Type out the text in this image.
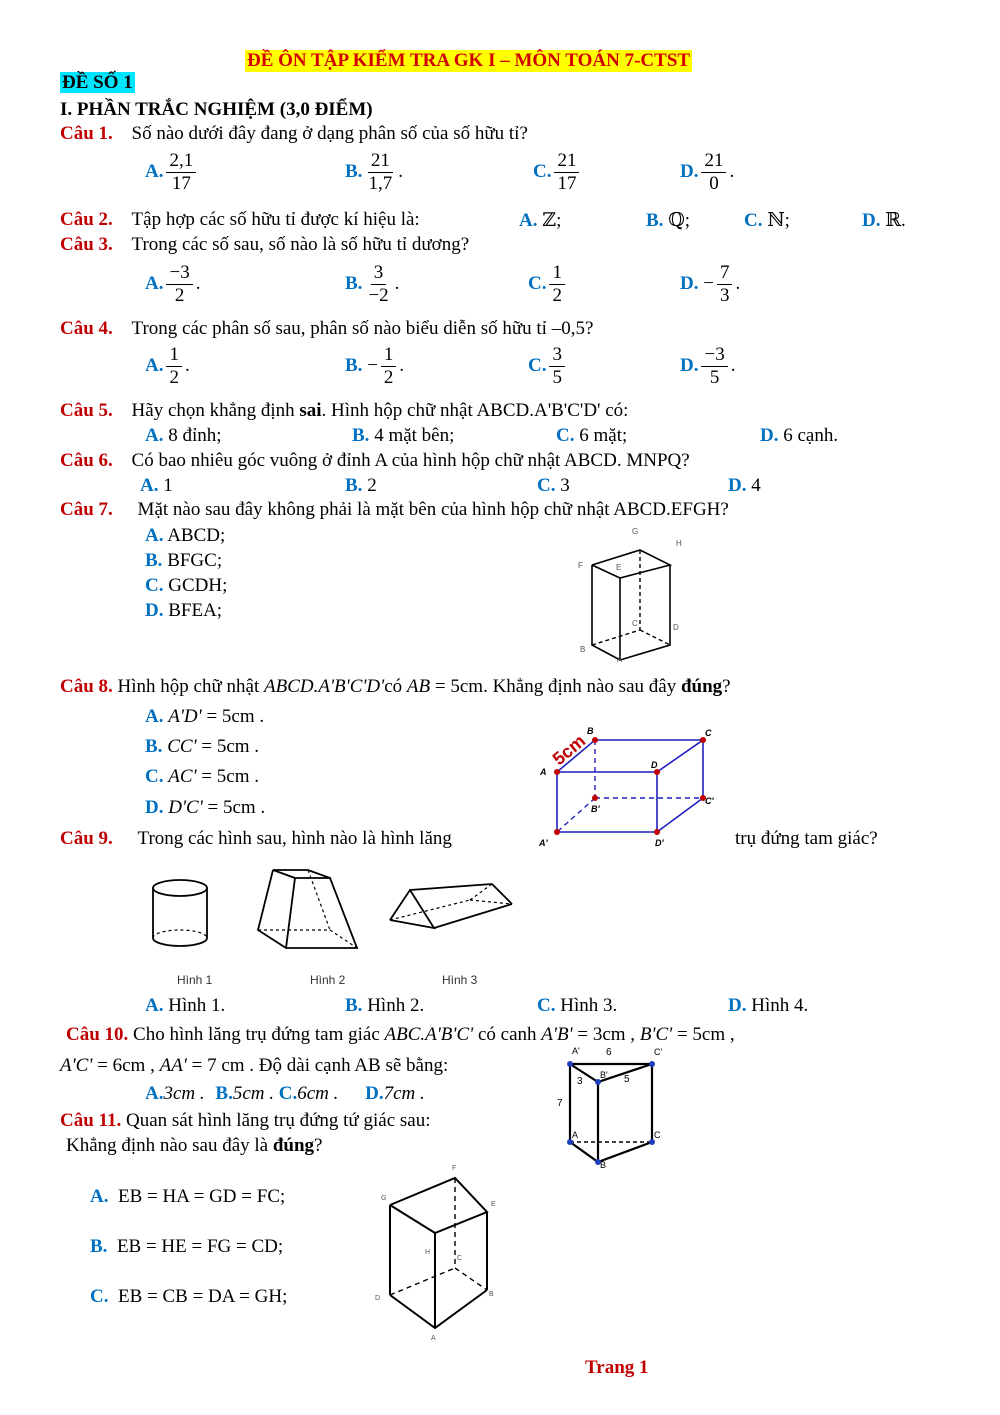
ĐỀ ÔN TẬP KIỂM TRA GK I – MÔN TOÁN 7-CTST
ĐỀ SỐ 1
I. PHẦN TRẮC NGHIỆM (3,0 ĐIỂM)
Câu 1. Số nào dưới đây đang ở dạng phân số của số hữu tỉ?
A. $\frac{2,1}{17}$	B. $\frac{21}{1,7}$ .	C. $\frac{21}{17}$	D. $\frac{21}{0}$ .
Câu 2. Tập hợp các số hữu tỉ được kí hiệu là:	A. ℤ;	B. ℚ;	C. ℕ;	D. ℝ.
Câu 3. Trong các số sau, số nào là số hữu tỉ dương?
A. $\frac{-3}{2}$ .	B. $\frac{3}{-2}$ .	C. $\frac{1}{2}$	D. − $\frac{7}{3}$ .
Câu 4. Trong các phân số sau, phân số nào biểu diễn số hữu tỉ –0,5?
A. $\frac{1}{2}$ .	B. − $\frac{1}{2}$ .	C. $\frac{3}{5}$	D. $\frac{-3}{5}$ .
Câu 5. Hãy chọn khẳng định sai. Hình hộp chữ nhật ABCD.A'B'C'D' có:
A. 8 đỉnh;	B. 4 mặt bên;	C. 6 mặt;	D. 6 cạnh.
Câu 6. Có bao nhiêu góc vuông ở đỉnh A của hình hộp chữ nhật ABCD. MNPQ?
A. 1	B. 2	C. 3	D. 4
Câu 7. Mặt nào sau đây không phải là mặt bên của hình hộp chữ nhật ABCD.EFGH?
A. ABCD;
B. BFGC;
C. GCDH;
D. BFEA;
G
H
F	E
C	D
B
A
Câu 8. Hình hộp chữ nhật ABCD.A'B'C'D'có AB = 5cm. Khẳng định nào sau đây đúng?
A. A'D' = 5cm .
B. CC' = 5cm .
C. AC' = 5cm .
D. D'C' = 5cm .
5cm
B	C
A
D
B'
C'
A'	D'
Câu 9. Trong các hình sau, hình nào là hình lăng	trụ đứng tam giác?
Hình 1	Hình 2	Hình 3
A. Hình 1.	B. Hình 2.	C. Hình 3.	D. Hình 4.
Câu 10. Cho hình lăng trụ đứng tam giác ABC.A'B'C' có canh A'B' = 3cm , B'C' = 5cm ,
A'C' = 6cm , AA' = 7 cm . Độ dài cạnh AB sẽ bằng:
A.3cm . B.5cm . C.6cm . D.7cm .
A'	6	C'
3
B' 5
7
A	C
B
Câu 11. Quan sát hình lăng trụ đứng tứ giác sau:
Khẳng định nào sau đây là đúng?
A. EB = HA = GD = FC;
B. EB = HE = FG = CD;
C. EB = CB = DA = GH;
F
G
E
H
C
D
B
A
Trang 1
